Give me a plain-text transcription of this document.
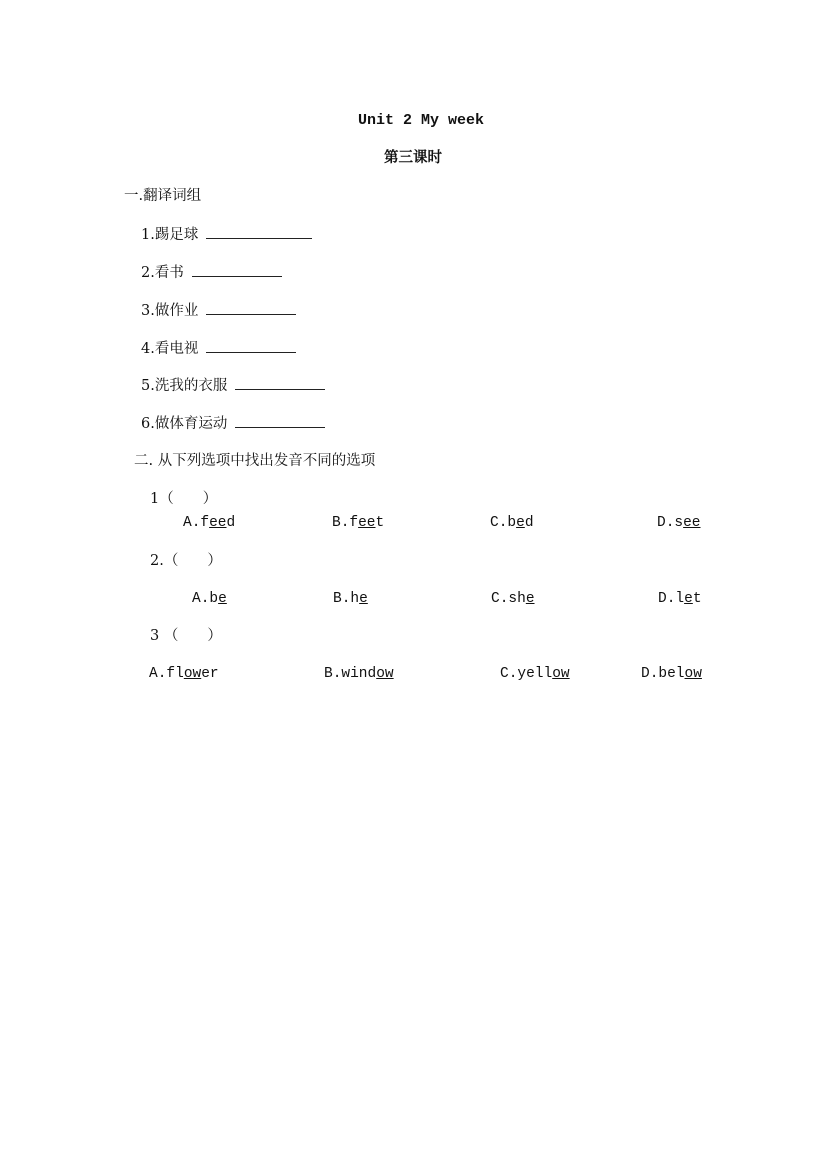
Unit 2 My week
第三课时
一.翻译词组
1.踢足球
2.看书
3.做作业
4.看电视
5.洗我的衣服
6.做体育运动
二. 从下列选项中找出发音不同的选项
1（　　）
A.feed	B.feet	C.bed	D.see
2.（　　）
A.be	B.he	C.she	D.let
3 （　　）
A.flower	B.window	C.yellow	D.below
